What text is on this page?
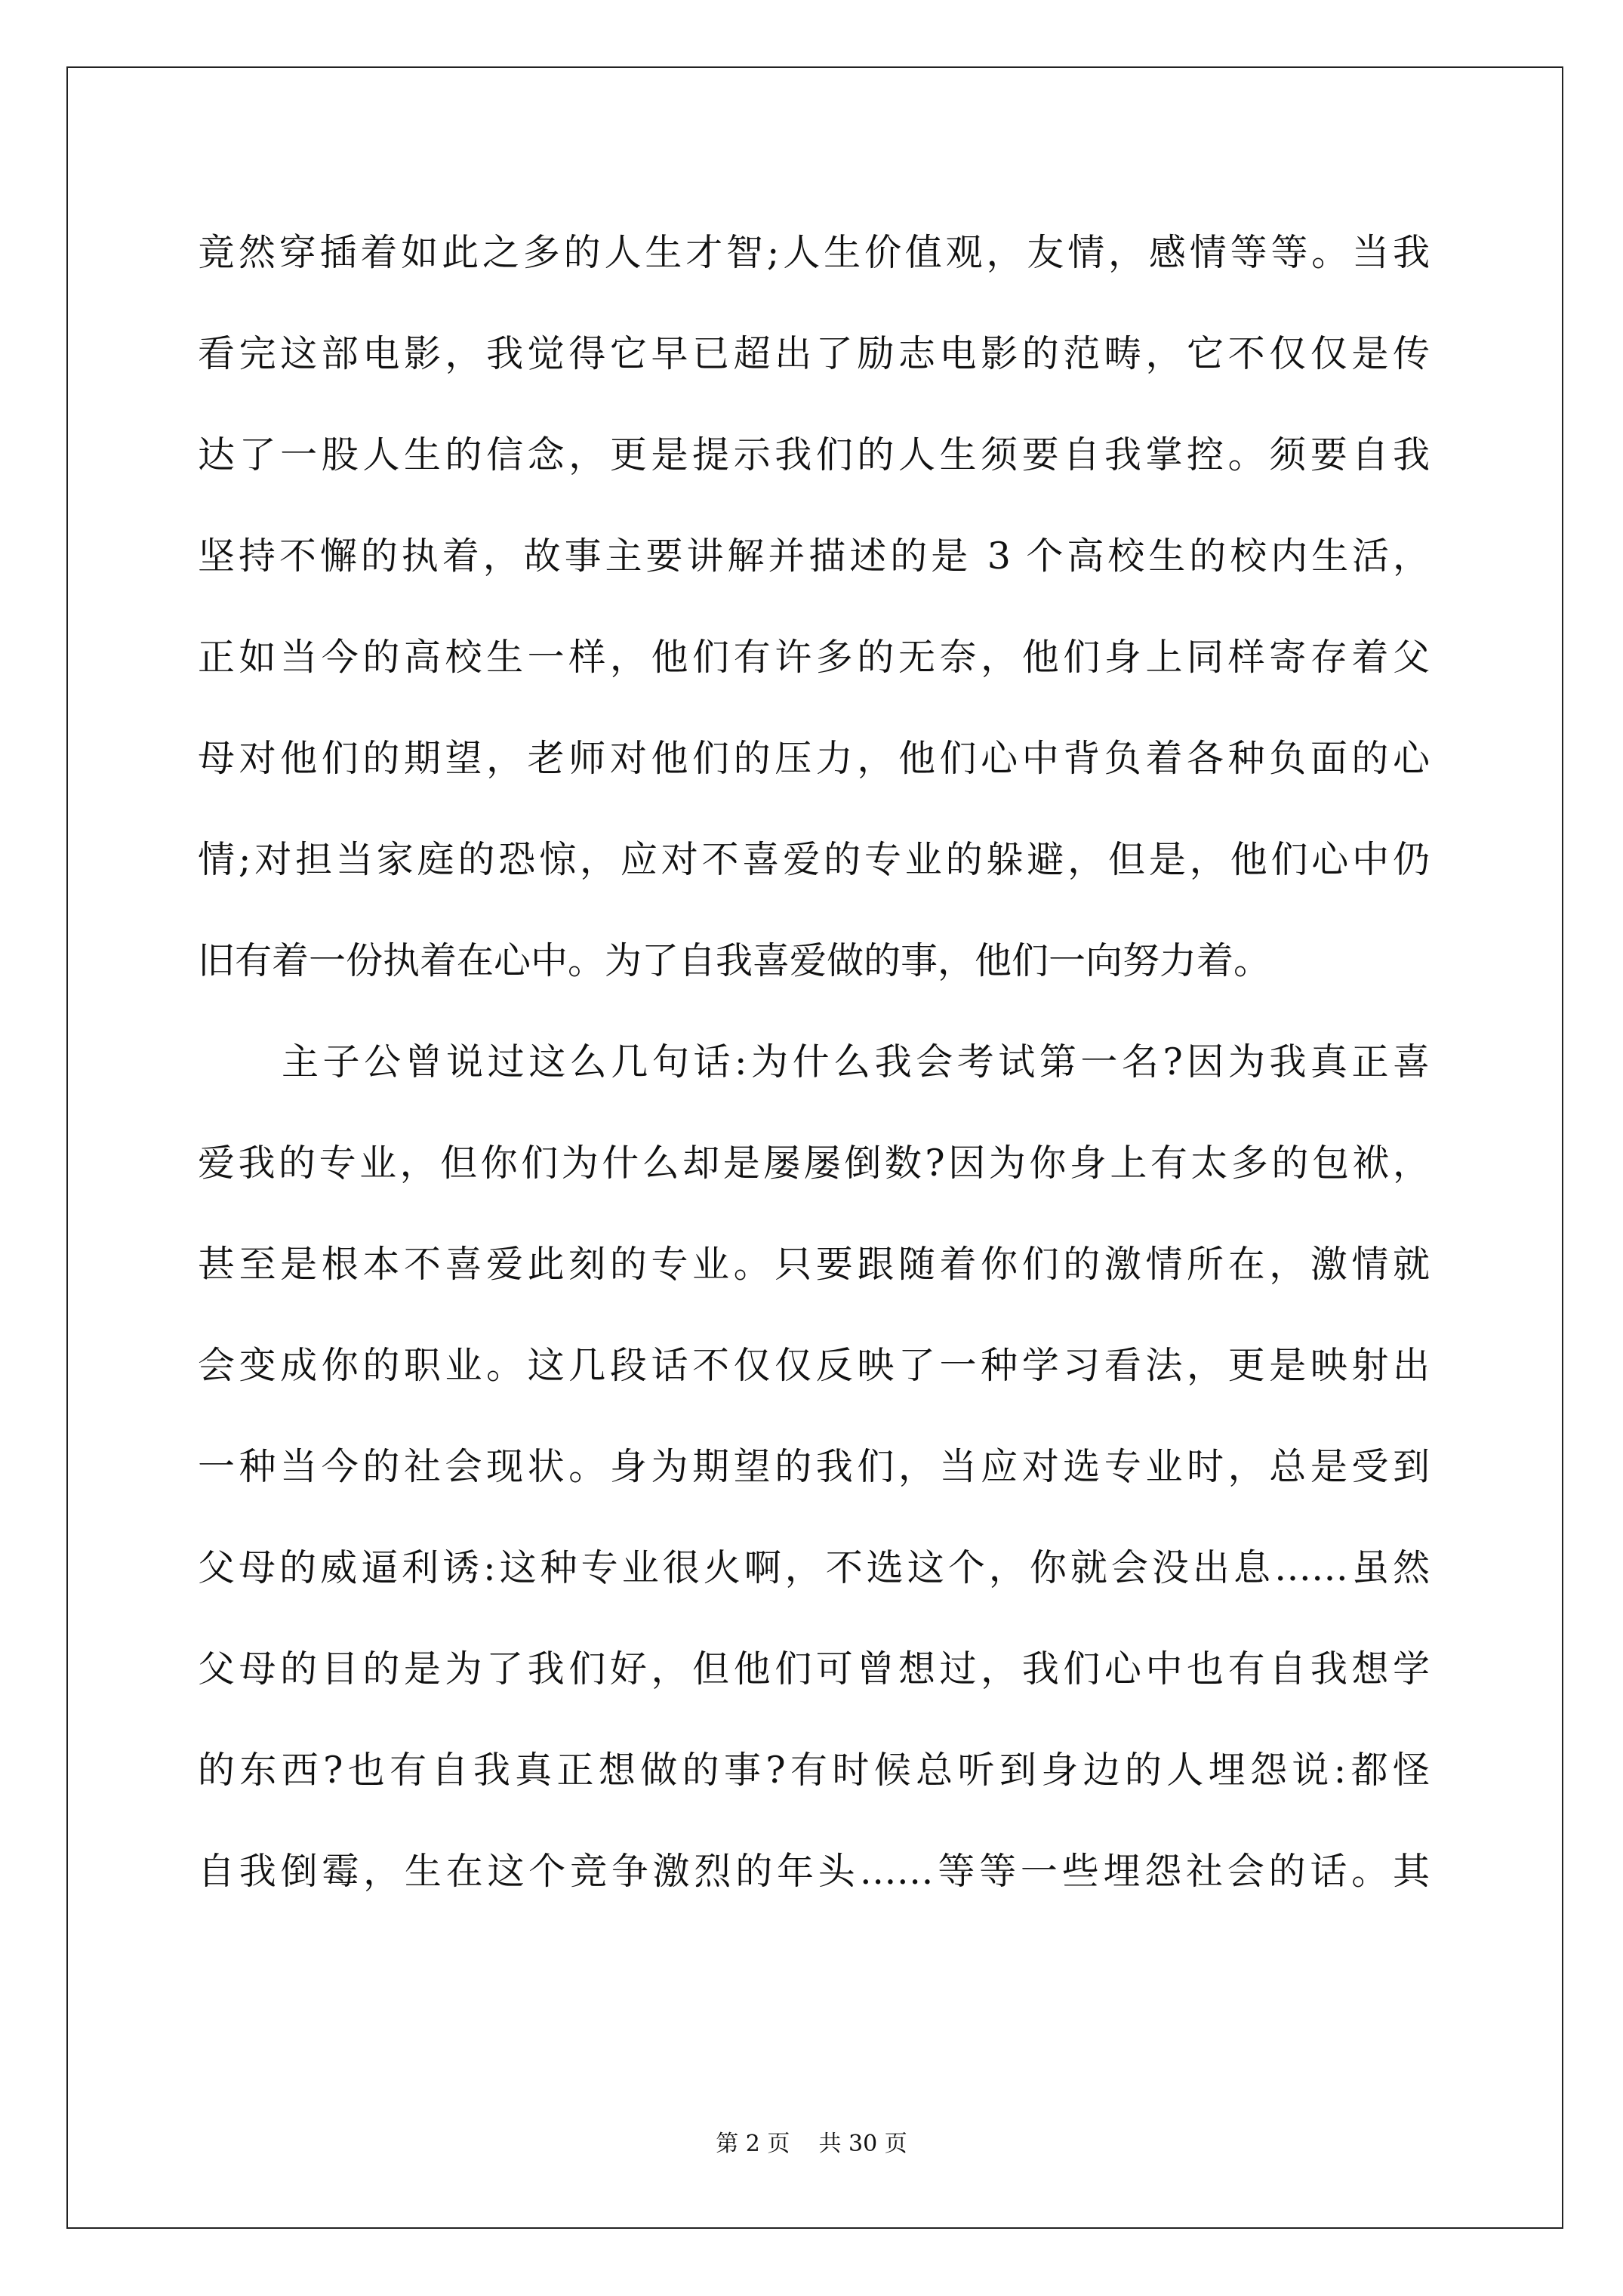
竟然穿插着如此之多的人生才智;人生价值观，友情，感情等等。当我
看完这部电影，我觉得它早已超出了励志电影的范畴，它不仅仅是传
达了一股人生的信念，更是提示我们的人生须要自我掌控。须要自我
坚持不懈的执着，故事主要讲解并描述的是 3 个高校生的校内生活，
正如当今的高校生一样，他们有许多的无奈，他们身上同样寄存着父
母对他们的期望，老师对他们的压力，他们心中背负着各种负面的心
情;对担当家庭的恐惊，应对不喜爱的专业的躲避，但是，他们心中仍
旧有着一份执着在心中。为了自我喜爱做的事，他们一向努力着。
主子公曾说过这么几句话:为什么我会考试第一名?因为我真正喜
爱我的专业，但你们为什么却是屡屡倒数?因为你身上有太多的包袱，
甚至是根本不喜爱此刻的专业。只要跟随着你们的激情所在，激情就
会变成你的职业。这几段话不仅仅反映了一种学习看法，更是映射出
一种当今的社会现状。身为期望的我们，当应对选专业时，总是受到
父母的威逼利诱:这种专业很火啊，不选这个，你就会没出息……虽然
父母的目的是为了我们好，但他们可曾想过，我们心中也有自我想学
的东西?也有自我真正想做的事?有时候总听到身边的人埋怨说:都怪
自我倒霉，生在这个竞争激烈的年头……等等一些埋怨社会的话。其
第 2 页    共 30 页
